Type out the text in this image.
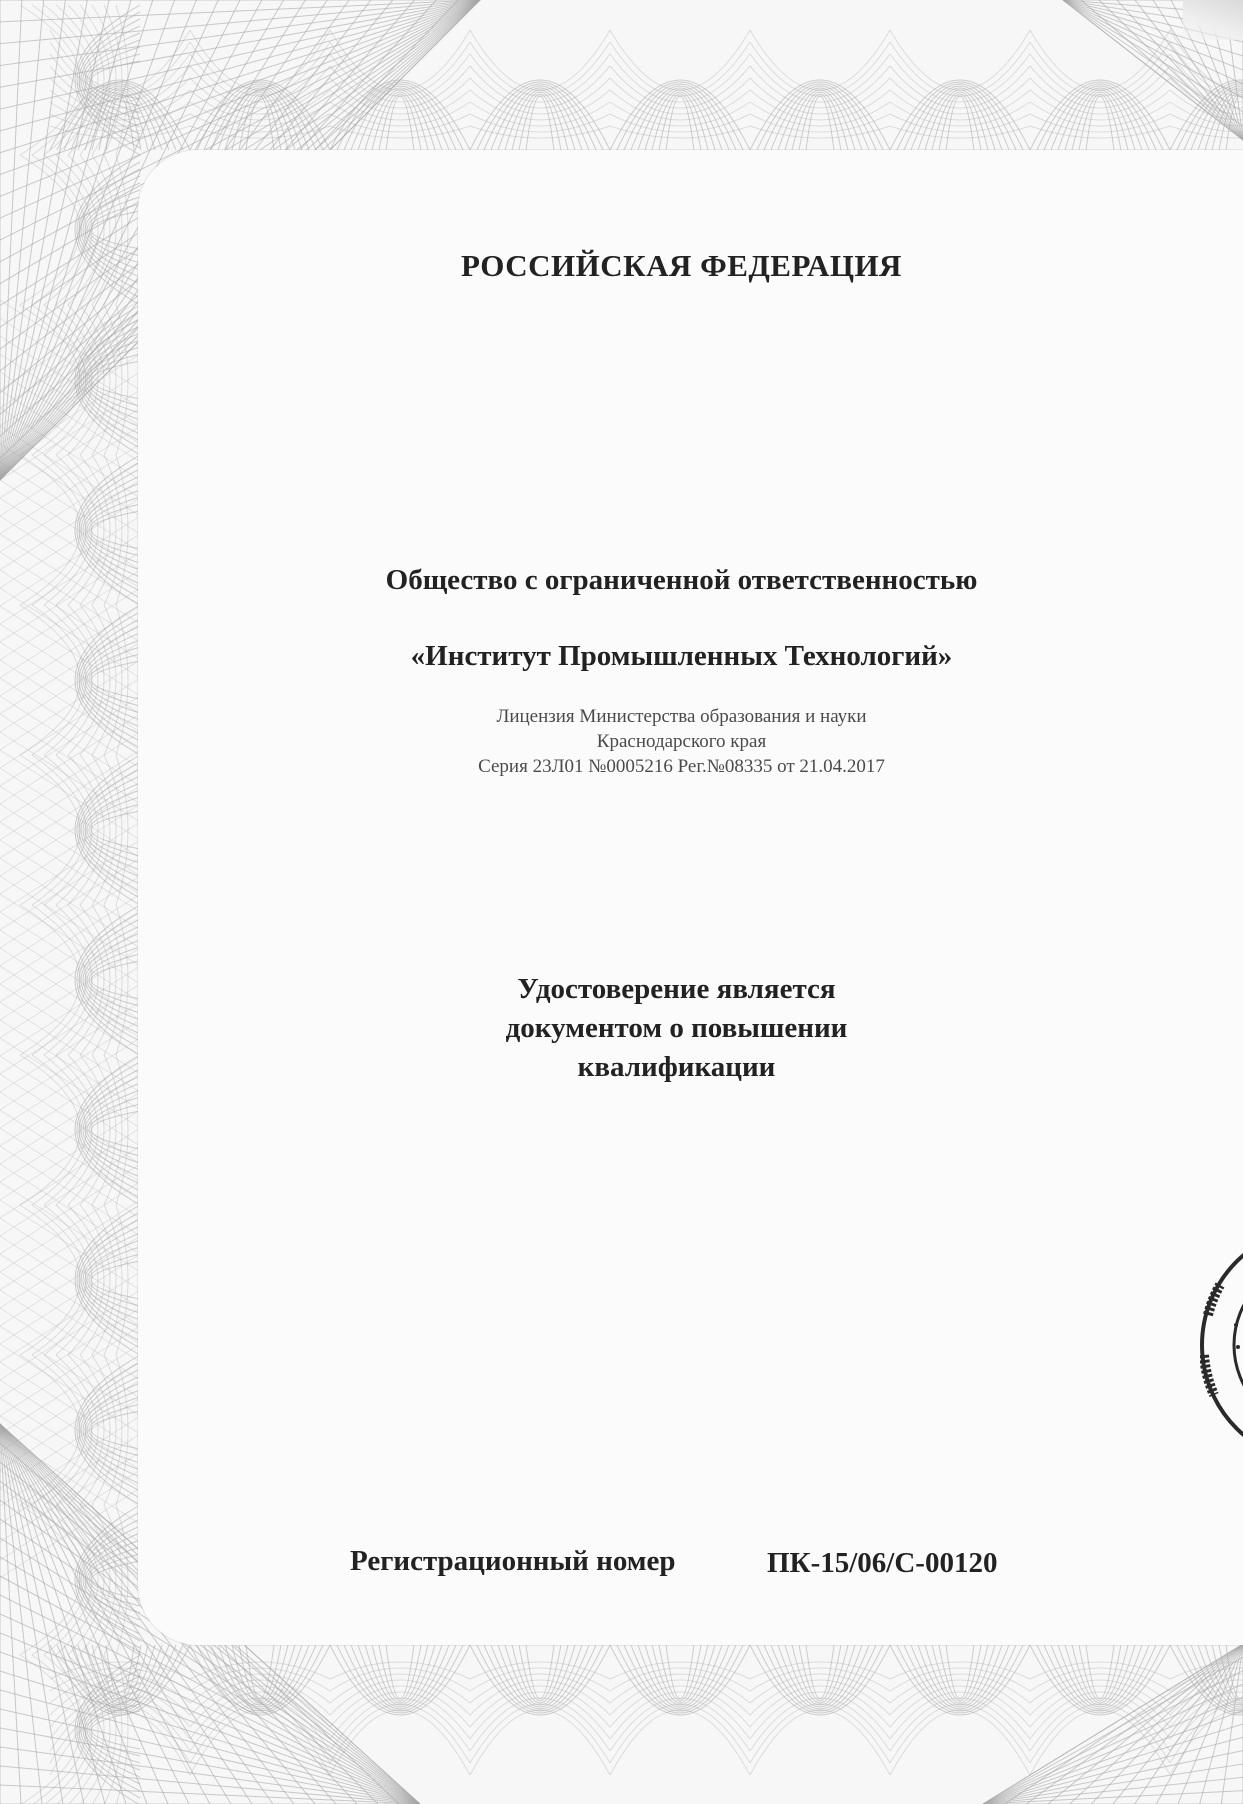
РОССИЙСКАЯ ФЕДЕРАЦИЯ
Общество с ограниченной ответственностью
«Институт Промышленных Технологий»
Лицензия Министерства образования и науки
Краснодарского края
Серия 23Л01 №0005216 Рег.№08335 от 21.04.2017
Удостоверение является
документом о повышении
квалификации
Регистрационный номер	ПК-15/06/С-00120
